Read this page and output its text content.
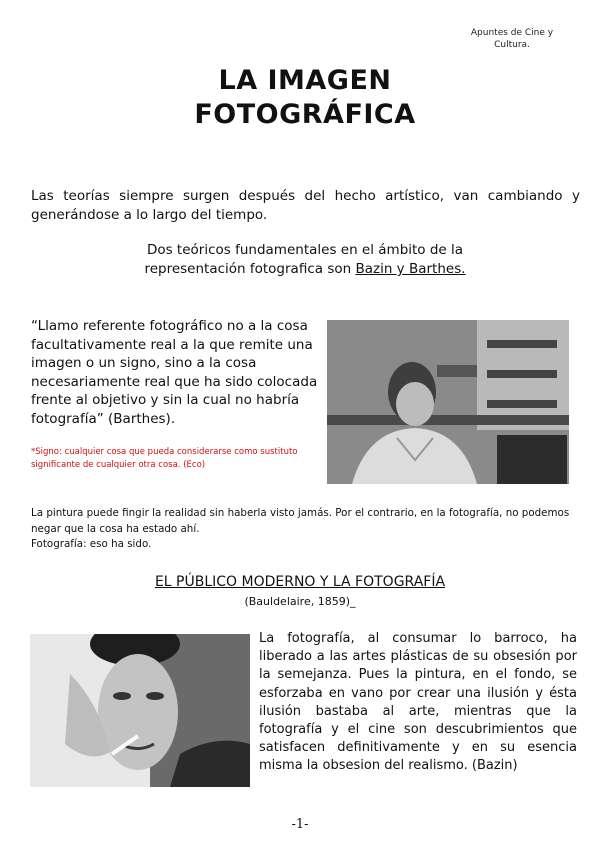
Apuntes de Cine y
Cultura.
LA IMAGEN
FOTOGRÁFICA
Las teorías siempre surgen después del hecho artístico, van cambiando y generándose a lo largo del tiempo.
Dos teóricos fundamentales en el ámbito de la representación fotografica son Bazin y Barthes.
“Llamo referente fotográfico no a la cosa facultativamente real a la que remite una imagen o un signo, sino a la cosa necesariamente real que ha sido colocada frente al objetivo y sin la cual no habría fotografía” (Barthes).
*Signo: cualquier cosa que pueda considerarse como sustituto significante de cualquier otra cosa. (Eco)
La pintura puede fingir la realidad sin haberla visto jamás. Por el contrario, en la fotografía, no podemos negar que la cosa ha estado ahí.
Fotografía: eso ha sido.
EL PÚBLICO MODERNO Y LA FOTOGRAFÍA
(Bauldelaire, 1859)_
La fotografía, al consumar lo barroco, ha liberado a las artes plásticas de su obsesión por la semejanza. Pues la pintura, en el fondo, se esforzaba en vano por crear una ilusión y ésta ilusión bastaba al arte, mientras que la fotografía y el cine son descubrimientos que satisfacen definitivamente y en su esencia misma la obsesion del realismo. (Bazin)
-1-
